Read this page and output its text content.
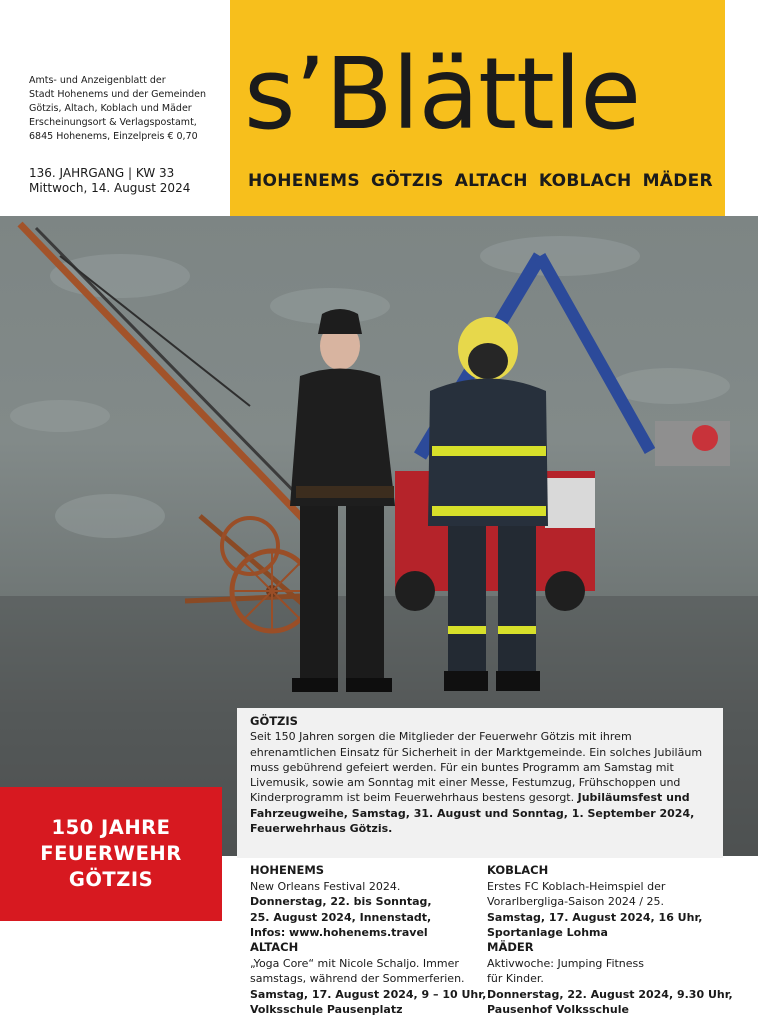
Amts- und Anzeigenblatt der
Stadt Hohenems und der Gemeinden
Götzis, Altach, Koblach und Mäder
Erscheinungsort & Verlagspostamt,
6845 Hohenems, Einzelpreis € 0,70
136. JAHRGANG | KW 33
Mittwoch, 14. August 2024
s’Blättle
HOHENEMS GÖTZIS ALTACH KOBLACH MÄDER
150 JAHRE
FEUERWEHR
GÖTZIS
GÖTZIS
Seit 150 Jahren sorgen die Mitglieder der Feuerwehr Götzis mit ihrem ehrenamtlichen Einsatz für Sicherheit in der Marktgemeinde. Ein solches Jubiläum muss gebührend gefeiert werden. Für ein buntes Programm am Samstag mit Livemusik, sowie am Sonntag mit einer Messe, Festumzug, Frühschoppen und Kinderprogramm ist beim Feuerwehrhaus bestens gesorgt. Jubiläumsfest und Fahrzeugweihe, Samstag, 31. August und Sonntag, 1. September 2024, Feuerwehrhaus Götzis.
HOHENEMS
New Orleans Festival 2024.
Donnerstag, 22. bis Sonntag,
25. August 2024, Innenstadt,
Infos: www.hohenems.travel
KOBLACH
Erstes FC Koblach-Heimspiel der
Vorarlbergliga-Saison 2024 / 25.
Samstag, 17. August 2024, 16 Uhr,
Sportanlage Lohma
ALTACH
„Yoga Core“ mit Nicole Schaljo. Immer
samstags, während der Sommerferien.
Samstag, 17. August 2024, 9 – 10 Uhr,
Volksschule Pausenplatz
MÄDER
Aktivwoche: Jumping Fitness
für Kinder.
Donnerstag, 22. August 2024, 9.30 Uhr,
Pausenhof Volksschule
